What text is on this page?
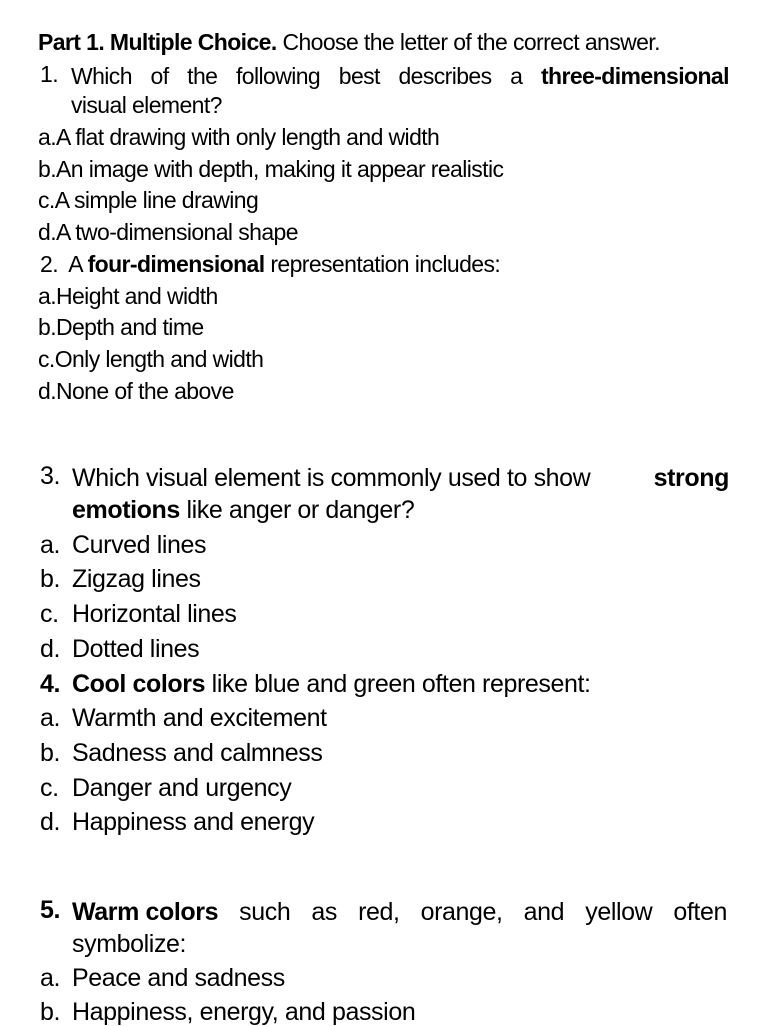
Part 1. Multiple Choice. Choose the letter of the correct answer.
1. Which of the following best describes a three-dimensional
visual element?
a.A flat drawing with only length and width
b.An image with depth, making it appear realistic
c.A simple line drawing
d.A two-dimensional shape
2. A four-dimensional representation includes:
a.Height and width
b.Depth and time
c.Only length and width
d.None of the above
3. Which visual element is commonly used to show	strong
emotions like anger or danger?
a. Curved lines
b. Zigzag lines
c. Horizontal lines
d. Dotted lines
4. Cool colors like blue and green often represent:
a. Warmth and excitement
b. Sadness and calmness
c. Danger and urgency
d. Happiness and energy
5. Warm colors such as red, orange, and yellow often
symbolize:
a. Peace and sadness
b. Happiness, energy, and passion
